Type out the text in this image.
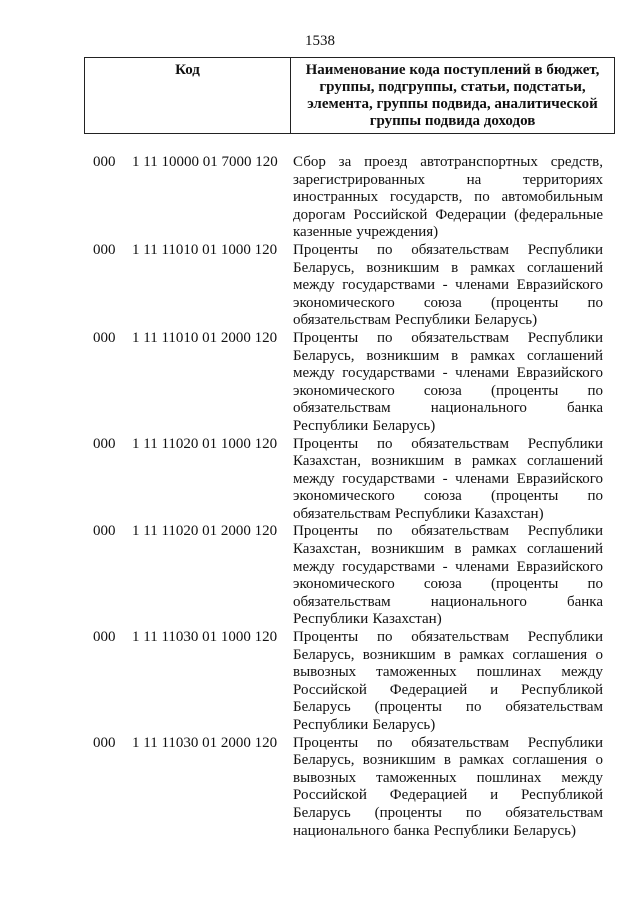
1538
Код	Наименование кода поступлений в бюджет, группы, подгруппы, статьи, подстатьи, элемента, группы подвида, аналитической группы подвида доходов
000 1 11 10000 01 7000 120 Сбор за проезд автотранспортных средств, зарегистрированных на территориях иностранных государств, по автомобильным дорогам Российской Федерации (федеральные казенные учреждения)
000 1 11 11010 01 1000 120 Проценты по обязательствам Республики Беларусь, возникшим в рамках соглашений между государствами - членами Евразийского экономического союза (проценты по обязательствам Республики Беларусь)
000 1 11 11010 01 2000 120 Проценты по обязательствам Республики Беларусь, возникшим в рамках соглашений между государствами - членами Евразийского экономического союза (проценты по обязательствам национального банка Республики Беларусь)
000 1 11 11020 01 1000 120 Проценты по обязательствам Республики Казахстан, возникшим в рамках соглашений между государствами - членами Евразийского экономического союза (проценты по обязательствам Республики Казахстан)
000 1 11 11020 01 2000 120 Проценты по обязательствам Республики Казахстан, возникшим в рамках соглашений между государствами - членами Евразийского экономического союза (проценты по обязательствам национального банка Республики Казахстан)
000 1 11 11030 01 1000 120 Проценты по обязательствам Республики Беларусь, возникшим в рамках соглашения о вывозных таможенных пошлинах между Российской Федерацией и Республикой Беларусь (проценты по обязательствам Республики Беларусь)
000 1 11 11030 01 2000 120 Проценты по обязательствам Республики Беларусь, возникшим в рамках соглашения о вывозных таможенных пошлинах между Российской Федерацией и Республикой Беларусь (проценты по обязательствам национального банка Республики Беларусь)
